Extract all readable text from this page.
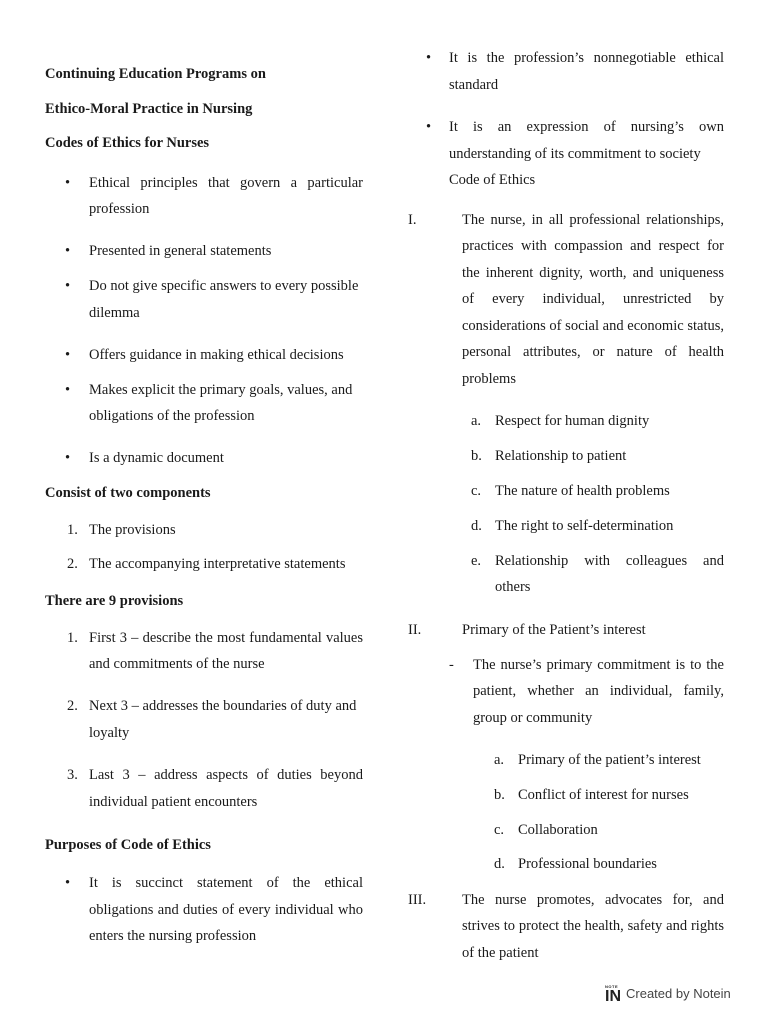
Continuing Education Programs on

Ethico-Moral Practice in Nursing

Codes of Ethics for Nurses

• Ethical principles that govern a particular profession
• Presented in general statements
• Do not give specific answers to every possible dilemma
• Offers guidance in making ethical decisions
• Makes explicit the primary goals, values, and obligations of the profession
• Is a dynamic document

Consist of two components

1. The provisions
2. The accompanying interpretative statements

There are 9 provisions

1. First 3 – describe the most fundamental values and commitments of the nurse
2. Next 3 – addresses the boundaries of duty and loyalty
3. Last 3 – address aspects of duties beyond individual patient encounters

Purposes of Code of Ethics

• It is succinct statement of the ethical obligations and duties of every individual who enters the nursing profession
• It is the profession’s nonnegotiable ethical standard
• It is an expression of nursing’s own understanding of its commitment to society
Code of Ethics
I.	The nurse, in all professional relationships, practices with compassion and respect for the inherent dignity, worth, and uniqueness of every individual, unrestricted by considerations of social and economic status, personal attributes, or nature of health problems
a. Respect for human dignity
b. Relationship to patient
c. The nature of health problems
d. The right to self-determination
e. Relationship with colleagues and others
II.	Primary of the Patient’s interest
- The nurse’s primary commitment is to the patient, whether an individual, family, group or community
a. Primary of the patient’s interest
b. Conflict of interest for nurses
c. Collaboration
d. Professional boundaries
III. The nurse promotes, advocates for, and strives to protect the health, safety and rights of the patient
NOTE
IN Created by Notein
